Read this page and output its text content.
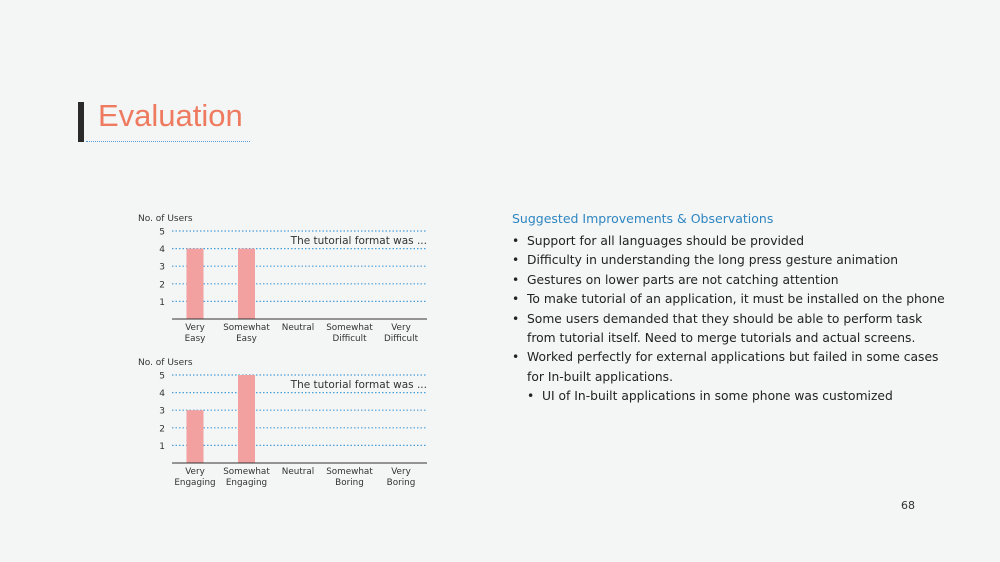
Evaluation
No. of Users
1
2
3
4
5
Very
Easy
Somewhat
Easy
Neutral Somewhat
Difficult
Very
Difficult
The tutorial format was ...
No. of Users
1
2
3
4
5
Very
Engaging
Somewhat
Engaging
Neutral Somewhat
Boring
Very
Boring
The tutorial format was ...

Suggested Improvements & Observations

• Support for all languages should be provided
• Difficulty in understanding the long press gesture animation
• Gestures on lower parts are not catching attention
• To make tutorial of an application, it must be installed on the phone
• Some users demanded that they should be able to perform task from tutorial itself. Need to merge tutorials and actual screens.
• Worked perfectly for external applications but failed in some cases for In-built applications.
• UI of In-built applications in some phone was customized
68
